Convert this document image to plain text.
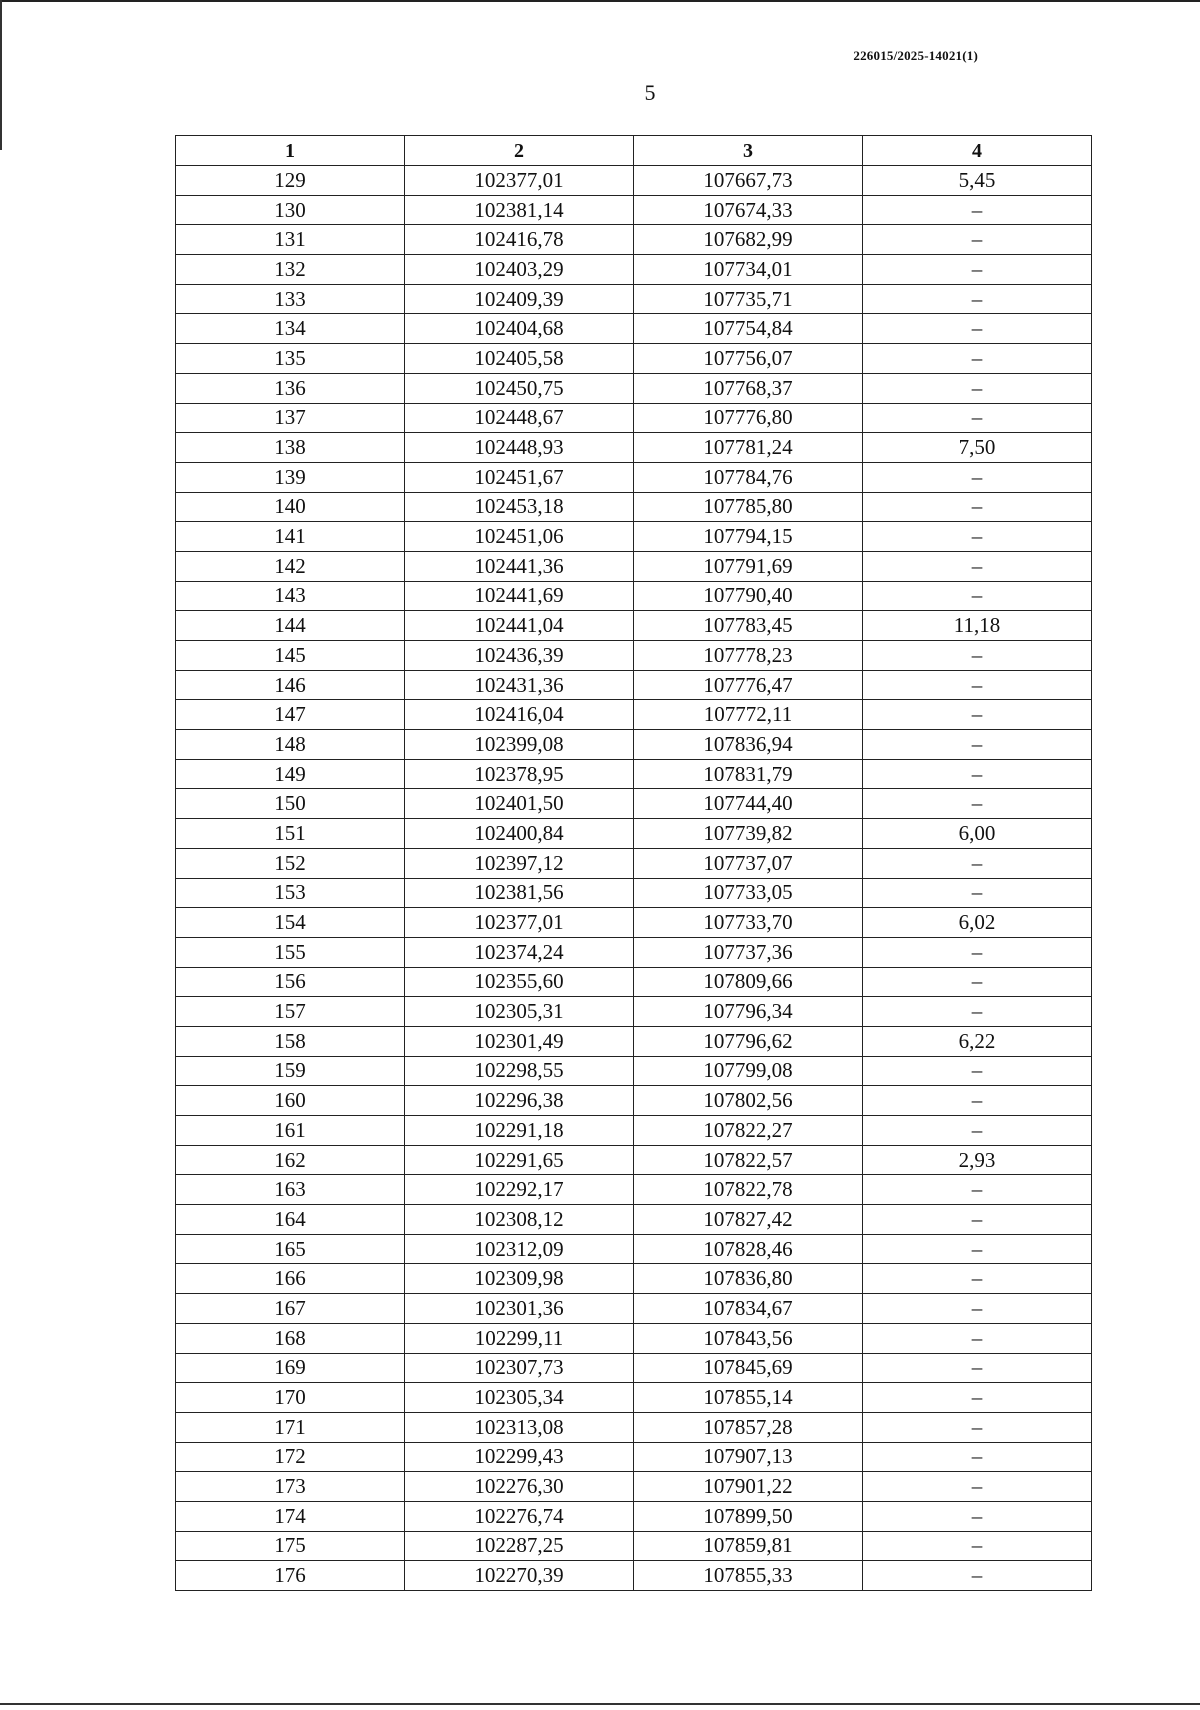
226015/2025-14021(1)
5
1	2	3	4
129	102377,01	107667,73	5,45
130	102381,14	107674,33	–
131	102416,78	107682,99	–
132	102403,29	107734,01	–
133	102409,39	107735,71	–
134	102404,68	107754,84	–
135	102405,58	107756,07	–
136	102450,75	107768,37	–
137	102448,67	107776,80	–
138	102448,93	107781,24	7,50
139	102451,67	107784,76	–
140	102453,18	107785,80	–
141	102451,06	107794,15	–
142	102441,36	107791,69	–
143	102441,69	107790,40	–
144	102441,04	107783,45	11,18
145	102436,39	107778,23	–
146	102431,36	107776,47	–
147	102416,04	107772,11	–
148	102399,08	107836,94	–
149	102378,95	107831,79	–
150	102401,50	107744,40	–
151	102400,84	107739,82	6,00
152	102397,12	107737,07	–
153	102381,56	107733,05	–
154	102377,01	107733,70	6,02
155	102374,24	107737,36	–
156	102355,60	107809,66	–
157	102305,31	107796,34	–
158	102301,49	107796,62	6,22
159	102298,55	107799,08	–
160	102296,38	107802,56	–
161	102291,18	107822,27	–
162	102291,65	107822,57	2,93
163	102292,17	107822,78	–
164	102308,12	107827,42	–
165	102312,09	107828,46	–
166	102309,98	107836,80	–
167	102301,36	107834,67	–
168	102299,11	107843,56	–
169	102307,73	107845,69	–
170	102305,34	107855,14	–
171	102313,08	107857,28	–
172	102299,43	107907,13	–
173	102276,30	107901,22	–
174	102276,74	107899,50	–
175	102287,25	107859,81	–
176	102270,39	107855,33	–
